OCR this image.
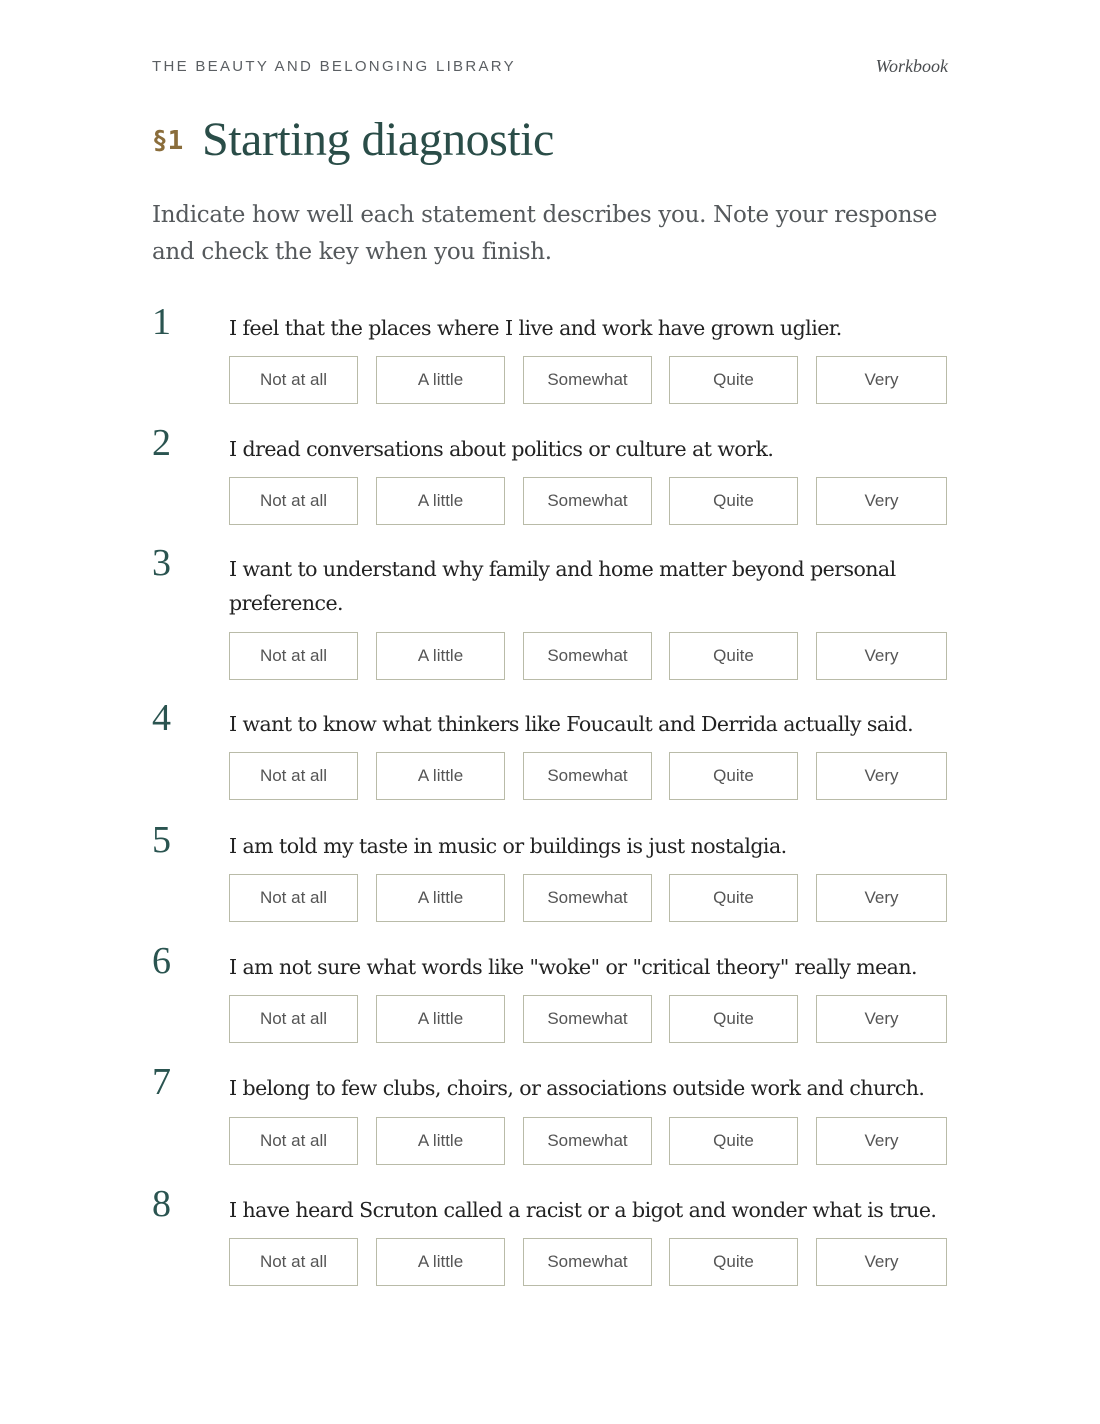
THE BEAUTY AND BELONGING LIBRARY	Workbook
§1 Starting diagnostic

Indicate how well each statement describes you. Note your response and check the key when you finish.

1	I feel that the places where I live and work have grown uglier.
Not at all	A little	Somewhat	Quite	Very
2	I dread conversations about politics or culture at work.
Not at all	A little	Somewhat	Quite	Very
3	I want to understand why family and home matter beyond personal preference.
Not at all	A little	Somewhat	Quite	Very
4	I want to know what thinkers like Foucault and Derrida actually said.
Not at all	A little	Somewhat	Quite	Very
5	I am told my taste in music or buildings is just nostalgia.
Not at all	A little	Somewhat	Quite	Very
6	I am not sure what words like "woke" or "critical theory" really mean.
Not at all	A little	Somewhat	Quite	Very
7	I belong to few clubs, choirs, or associations outside work and church.
Not at all	A little	Somewhat	Quite	Very
8	I have heard Scruton called a racist or a bigot and wonder what is true.
Not at all	A little	Somewhat	Quite	Very
